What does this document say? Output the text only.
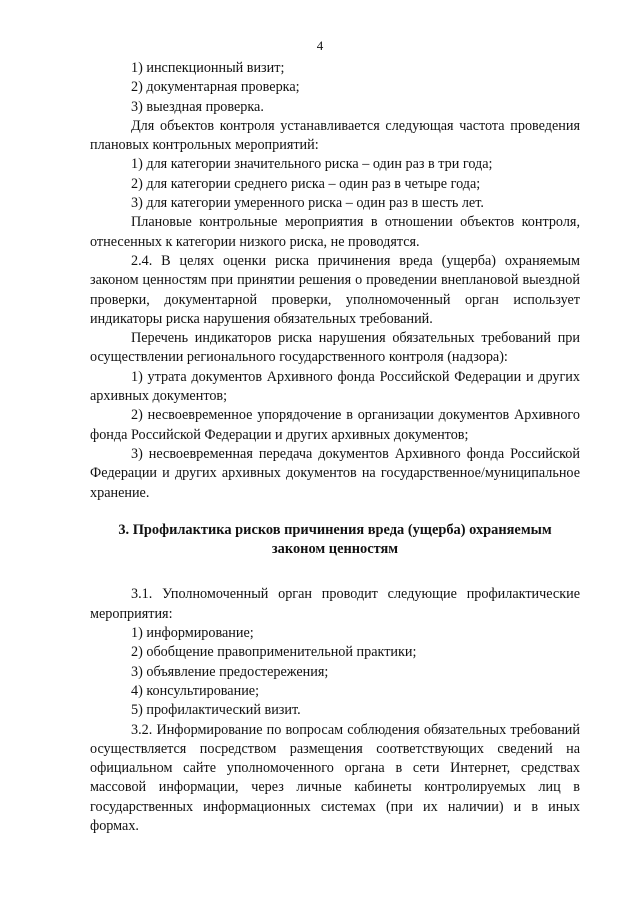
4

1) инспекционный визит;

2) документарная проверка;

3) выездная проверка.

Для объектов контроля устанавливается следующая частота проведения плановых контрольных мероприятий:

1) для категории значительного риска – один раз в три года;

2) для категории среднего риска – один раз в четыре года;

3) для категории умеренного риска – один раз в шесть лет.

Плановые контрольные мероприятия в отношении объектов контроля, отнесенных к категории низкого риска, не проводятся.

2.4. В целях оценки риска причинения вреда (ущерба) охраняемым законом ценностям при принятии решения о проведении внеплановой выездной проверки, документарной проверки, уполномоченный орган использует индикаторы риска нарушения обязательных требований.

Перечень индикаторов риска нарушения обязательных требований при осуществлении регионального государственного контроля (надзора):

1) утрата документов Архивного фонда Российской Федерации и других архивных документов;

2) несвоевременное упорядочение в организации документов Архивного фонда Российской Федерации и других архивных документов;

3) несвоевременная передача документов Архивного фонда Российской Федерации и других архивных документов на государственное/муниципальное хранение.

3. Профилактика рисков причинения вреда (ущерба) охраняемым законом ценностям

3.1. Уполномоченный орган проводит следующие профилактические мероприятия:

1) информирование;

2) обобщение правоприменительной практики;

3) объявление предостережения;

4) консультирование;

5) профилактический визит.

3.2. Информирование по вопросам соблюдения обязательных требований осуществляется посредством размещения соответствующих сведений на официальном сайте уполномоченного органа в сети Интернет, средствах массовой информации, через личные кабинеты контролируемых лиц в государственных информационных системах (при их наличии) и в иных формах.
